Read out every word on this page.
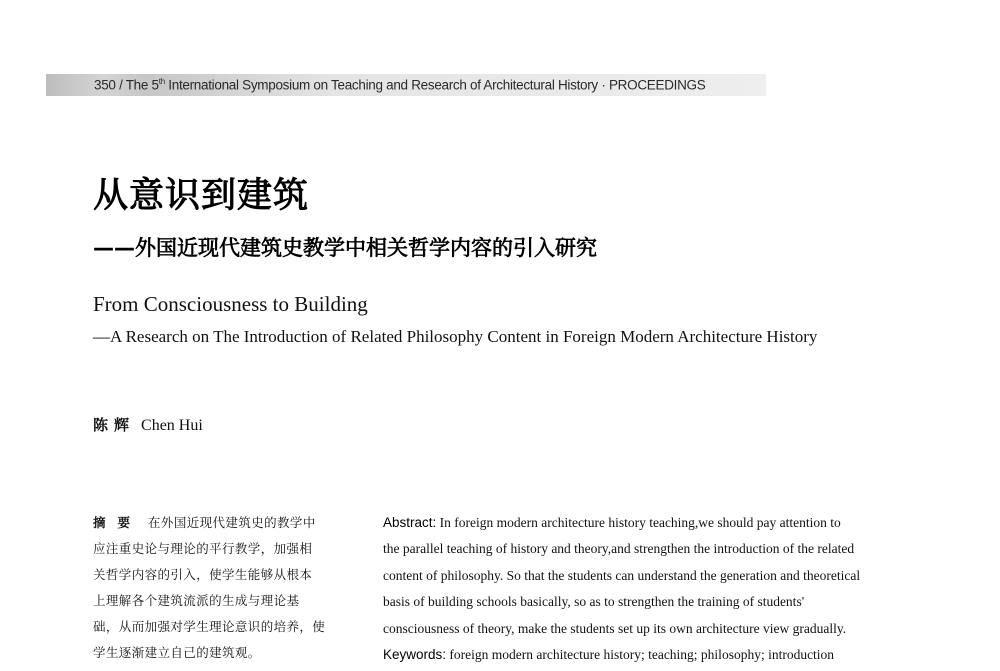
350 / The 5th International Symposium on Teaching and Research of Architectural History · PROCEEDINGS
从意识到建筑
——外国近现代建筑史教学中相关哲学内容的引入研究
From Consciousness to Building
—A Research on The Introduction of Related Philosophy Content in Foreign Modern Architecture History
陈辉 Chen Hui
摘要 在外国近现代建筑史的教学中
应注重史论与理论的平行教学，加强相
关哲学内容的引入，使学生能够从根本
上理解各个建筑流派的生成与理论基
础，从而加强对学生理论意识的培养，使
学生逐渐建立自己的建筑观。
Abstract: In foreign modern architecture history teaching,we should pay attention to
the parallel teaching of history and theory,and strengthen the introduction of the related
content of philosophy. So that the students can understand the generation and theoretical
basis of building schools basically, so as to strengthen the training of students'
consciousness of theory, make the students set up its own architecture view gradually.
Keywords: foreign modern architecture history; teaching; philosophy; introduction
